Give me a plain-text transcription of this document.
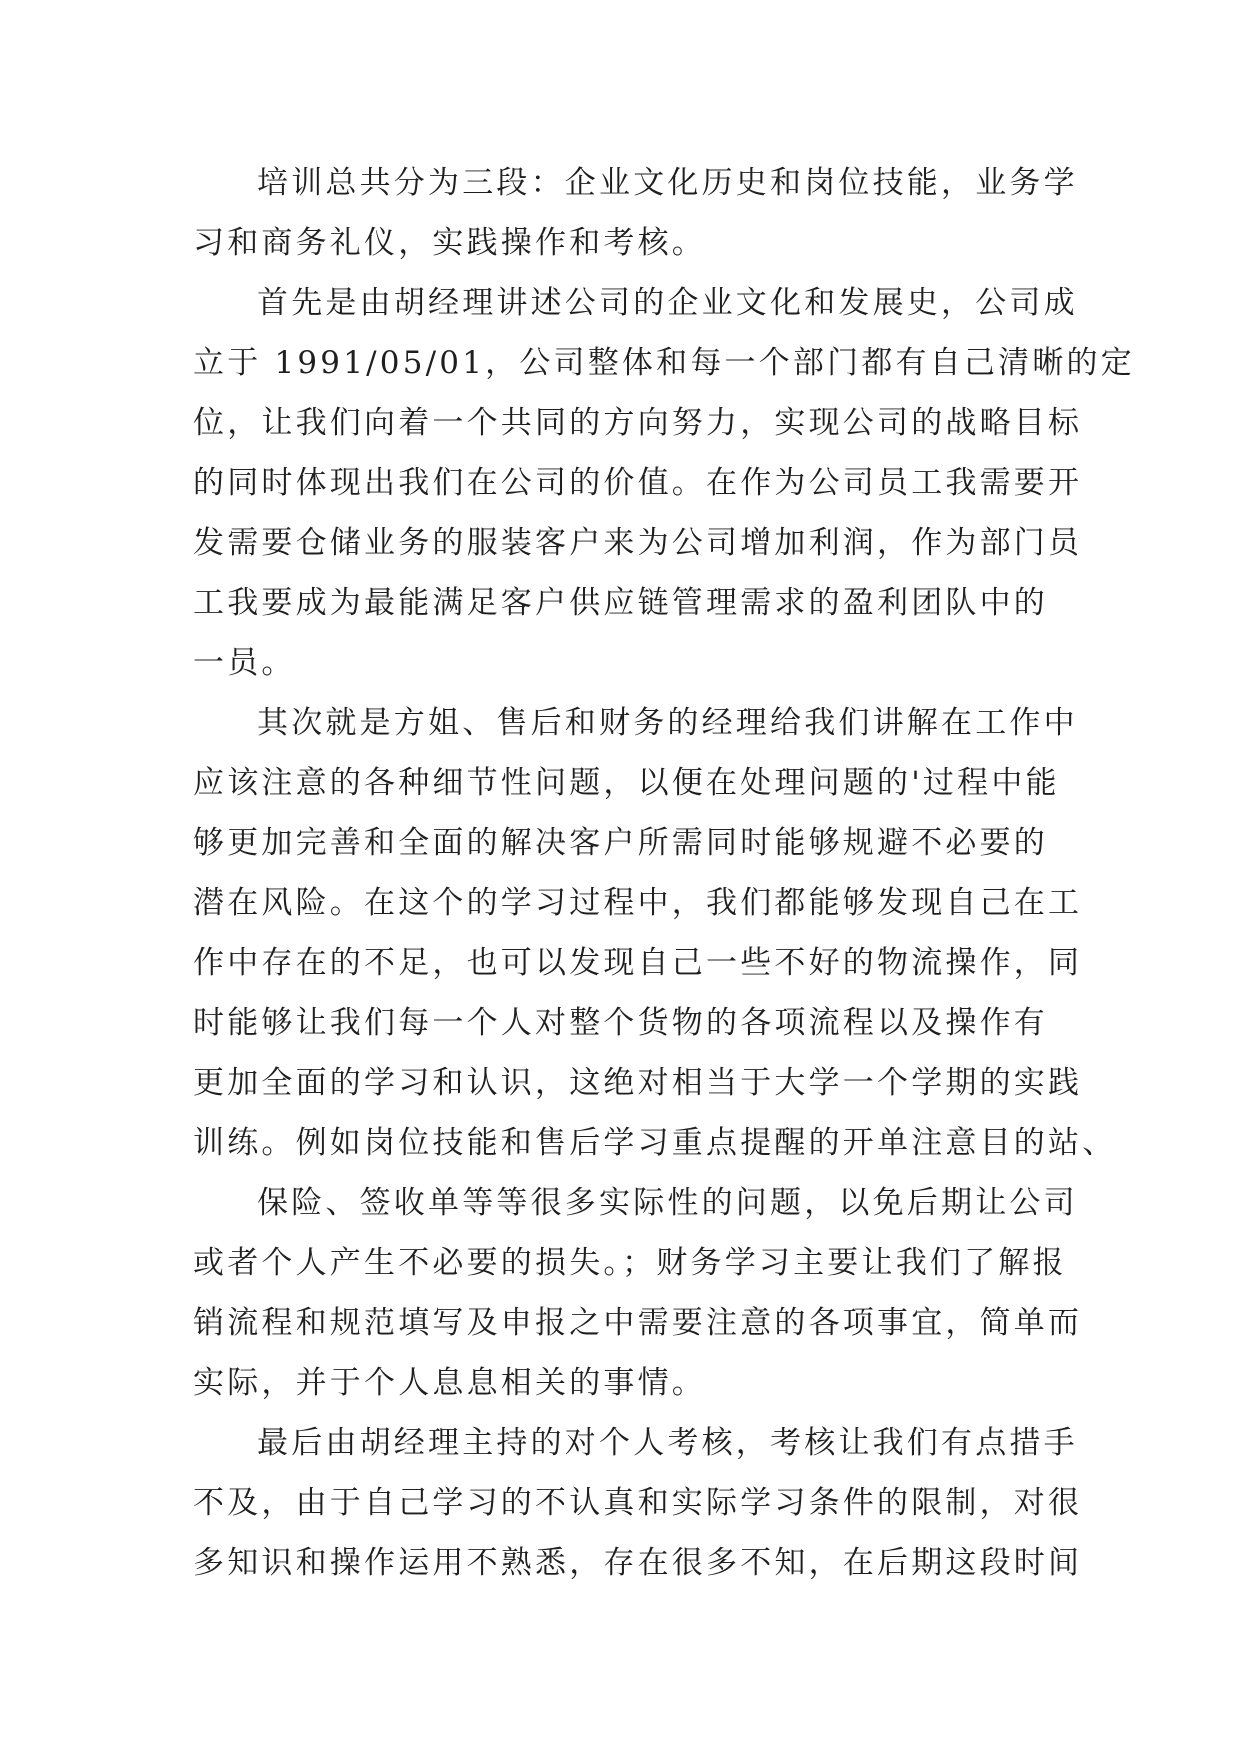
培训总共分为三段：企业文化历史和岗位技能，业务学
习和商务礼仪，实践操作和考核。
首先是由胡经理讲述公司的企业文化和发展史，公司成
立于 1991/05/01，公司整体和每一个部门都有自己清晰的定
位，让我们向着一个共同的方向努力，实现公司的战略目标
的同时体现出我们在公司的价值。在作为公司员工我需要开
发需要仓储业务的服装客户来为公司增加利润，作为部门员
工我要成为最能满足客户供应链管理需求的盈利团队中的
一员。
其次就是方姐、售后和财务的经理给我们讲解在工作中
应该注意的各种细节性问题，以便在处理问题的'过程中能
够更加完善和全面的解决客户所需同时能够规避不必要的
潜在风险。在这个的学习过程中，我们都能够发现自己在工
作中存在的不足，也可以发现自己一些不好的物流操作，同
时能够让我们每一个人对整个货物的各项流程以及操作有
更加全面的学习和认识，这绝对相当于大学一个学期的实践
训练。例如岗位技能和售后学习重点提醒的开单注意目的站、
保险、签收单等等很多实际性的问题，以免后期让公司
或者个人产生不必要的损失。；财务学习主要让我们了解报
销流程和规范填写及申报之中需要注意的各项事宜，简单而
实际，并于个人息息相关的事情。
最后由胡经理主持的对个人考核，考核让我们有点措手
不及，由于自己学习的不认真和实际学习条件的限制，对很
多知识和操作运用不熟悉，存在很多不知，在后期这段时间
